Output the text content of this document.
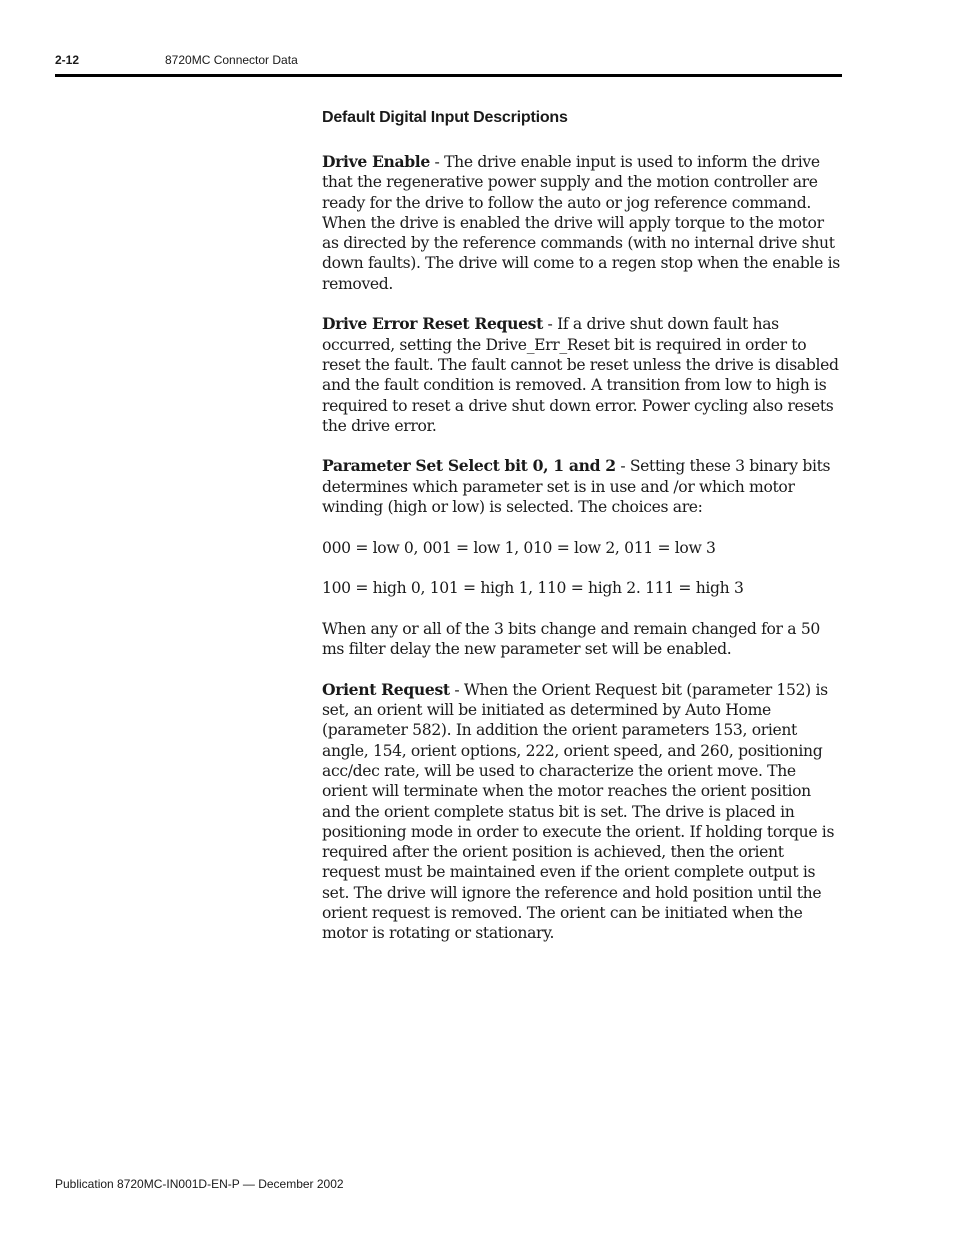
2-12	8720MC Connector Data
Default Digital Input Descriptions

Drive Enable - The drive enable input is used to inform the drive that the regenerative power supply and the motion controller are ready for the drive to follow the auto or jog reference command. When the drive is enabled the drive will apply torque to the motor as directed by the reference commands (with no internal drive shut down faults). The drive will come to a regen stop when the enable is removed.

Drive Error Reset Request - If a drive shut down fault has occurred, setting the Drive_Err_Reset bit is required in order to reset the fault. The fault cannot be reset unless the drive is disabled and the fault condition is removed. A transition from low to high is required to reset a drive shut down error. Power cycling also resets the drive error.

Parameter Set Select bit 0, 1 and 2 - Setting these 3 binary bits determines which parameter set is in use and /or which motor winding (high or low) is selected. The choices are:

000 = low 0, 001 = low 1, 010 = low 2, 011 = low 3

100 = high 0, 101 = high 1, 110 = high 2. 111 = high 3

When any or all of the 3 bits change and remain changed for a 50 ms filter delay the new parameter set will be enabled.

Orient Request - When the Orient Request bit (parameter 152) is set, an orient will be initiated as determined by Auto Home (parameter 582). In addition the orient parameters 153, orient angle, 154, orient options, 222, orient speed, and 260, positioning acc/dec rate, will be used to characterize the orient move. The orient will terminate when the motor reaches the orient position and the orient complete status bit is set. The drive is placed in positioning mode in order to execute the orient. If holding torque is required after the orient position is achieved, then the orient request must be maintained even if the orient complete output is set. The drive will ignore the reference and hold position until the orient request is removed. The orient can be initiated when the motor is rotating or stationary.

Publication 8720MC-IN001D-EN-P — December 2002
